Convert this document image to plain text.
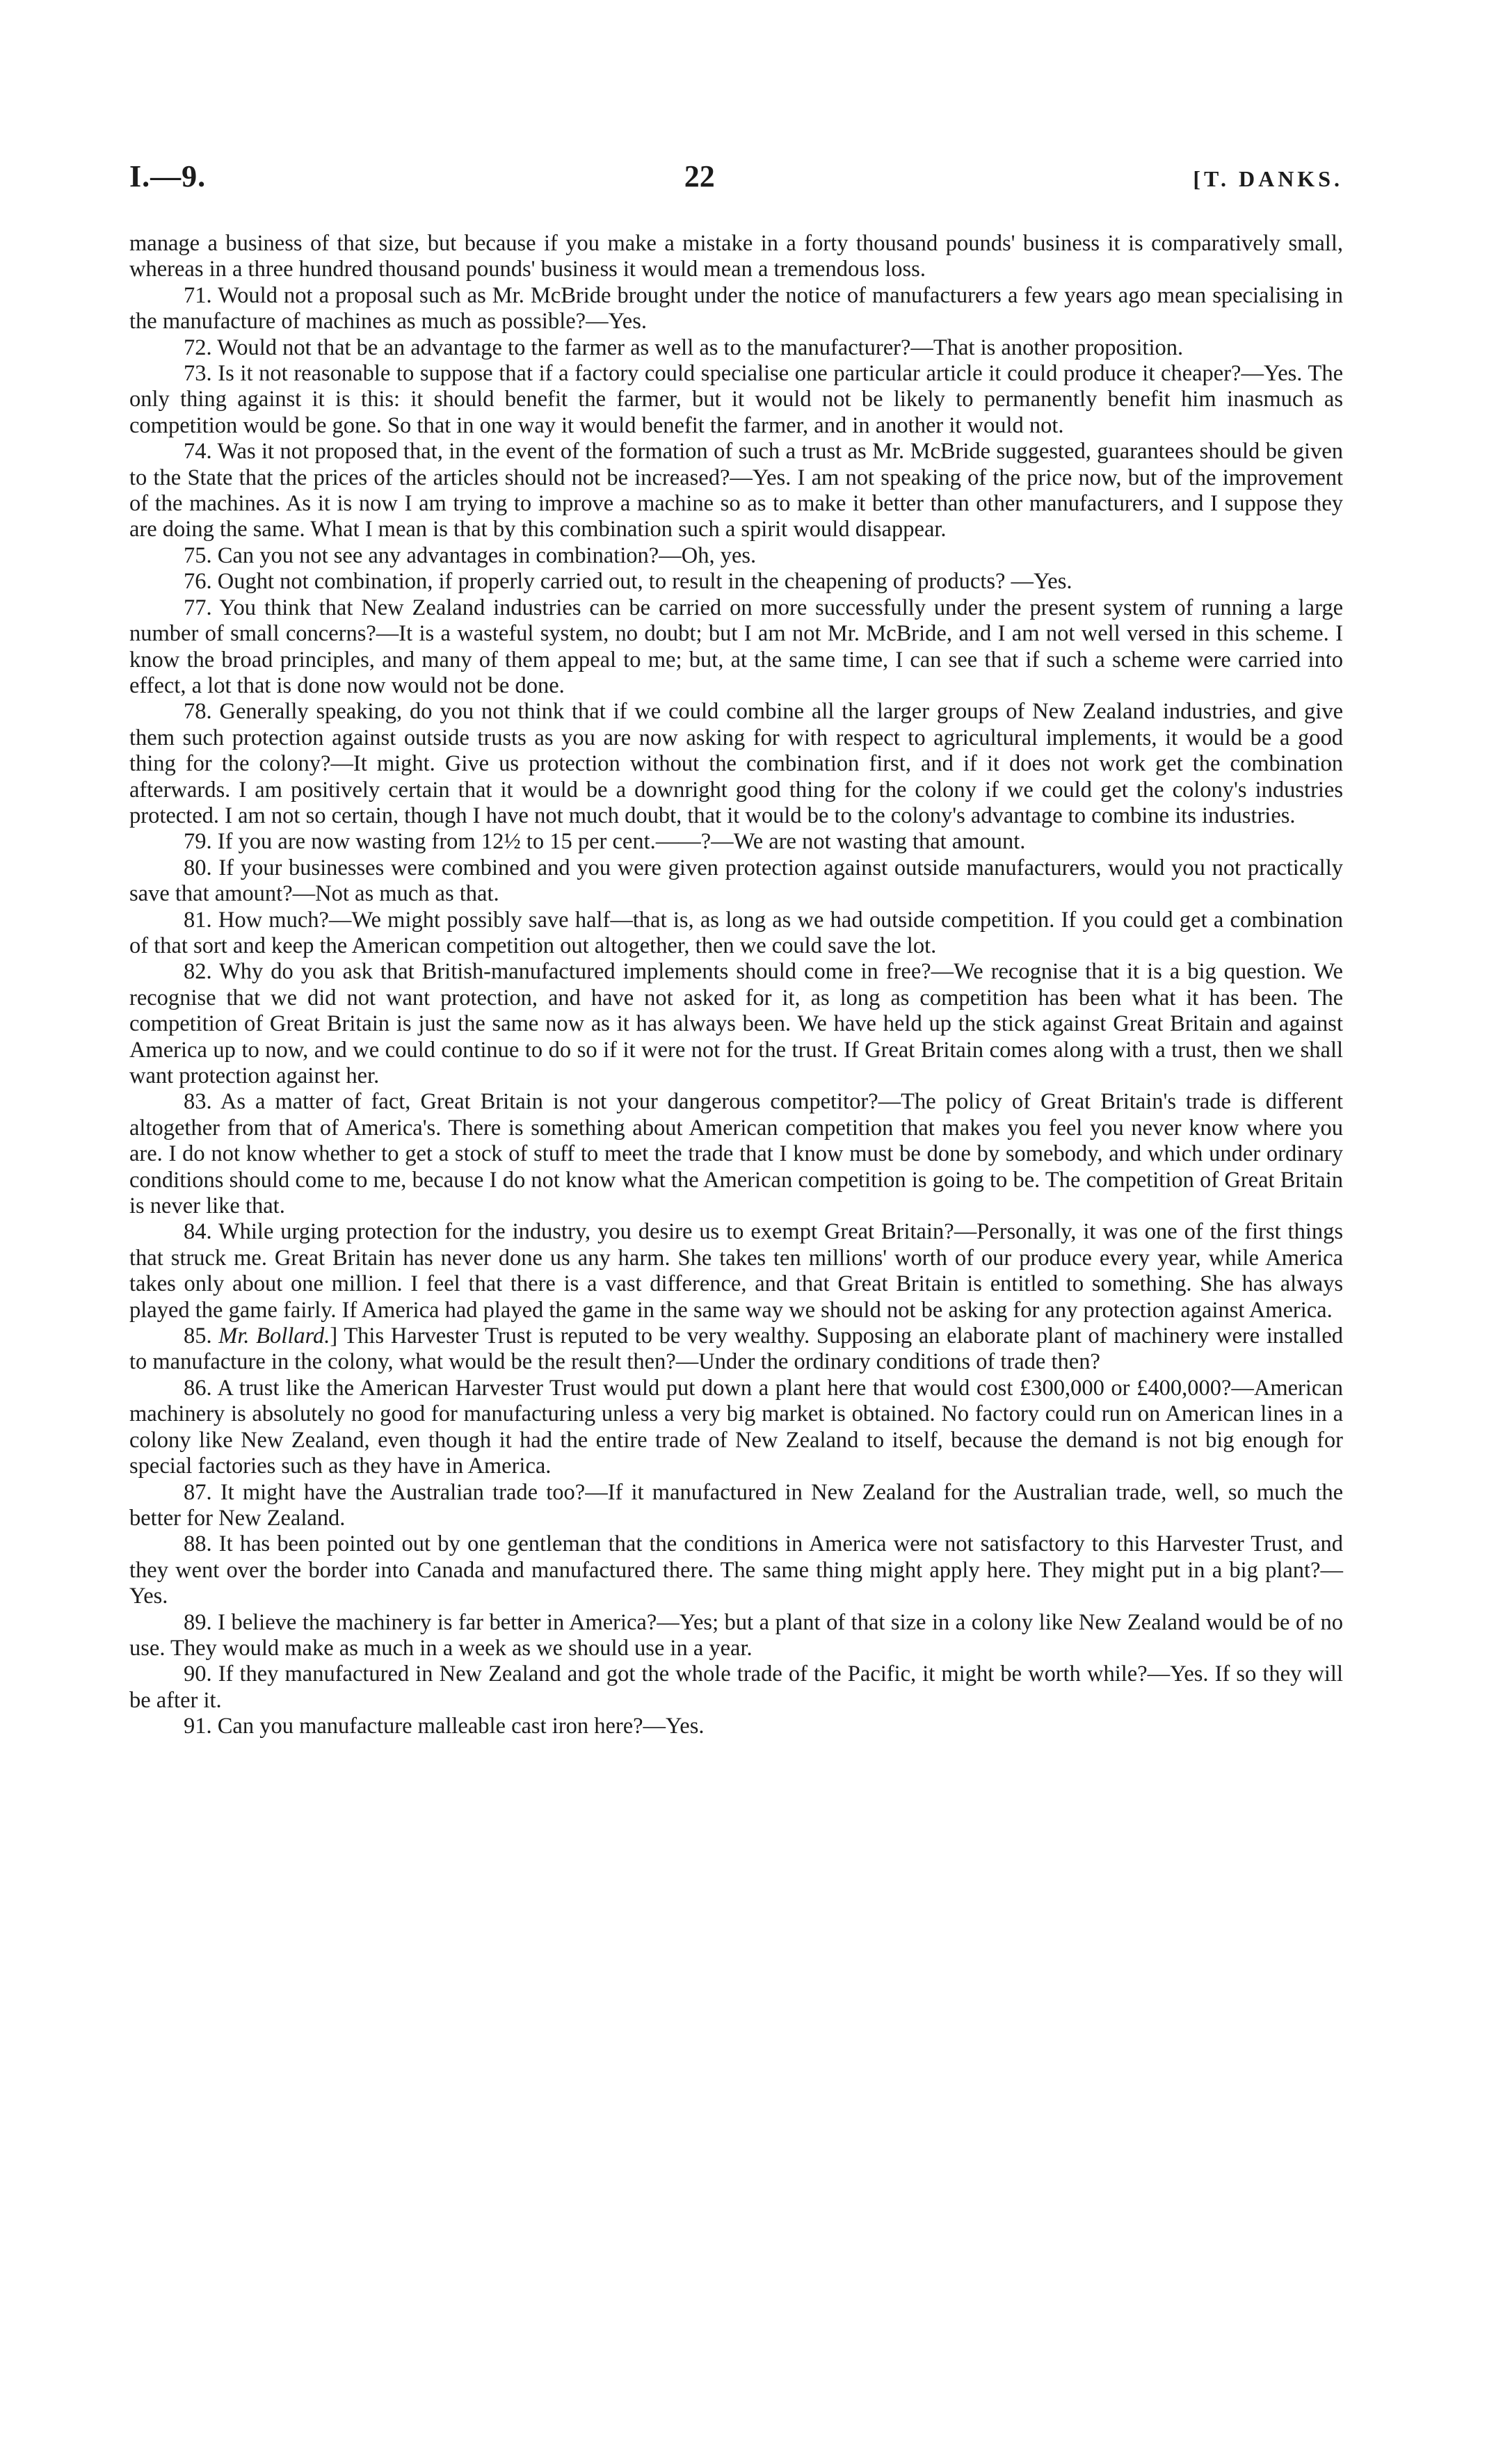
I.—9.	22	[T. DANKS.

manage a business of that size, but because if you make a mistake in a forty thousand pounds' business it is comparatively small, whereas in a three hundred thousand pounds' business it would mean a tremendous loss.

71. Would not a proposal such as Mr. McBride brought under the notice of manufacturers a few years ago mean specialising in the manufacture of machines as much as possible?—Yes.

72. Would not that be an advantage to the farmer as well as to the manufacturer?—That is another proposition.

73. Is it not reasonable to suppose that if a factory could specialise one particular article it could produce it cheaper?—Yes. The only thing against it is this: it should benefit the farmer, but it would not be likely to permanently benefit him inasmuch as competition would be gone. So that in one way it would benefit the farmer, and in another it would not.

74. Was it not proposed that, in the event of the formation of such a trust as Mr. McBride suggested, guarantees should be given to the State that the prices of the articles should not be increased?—Yes. I am not speaking of the price now, but of the improvement of the machines. As it is now I am trying to improve a machine so as to make it better than other manufacturers, and I suppose they are doing the same. What I mean is that by this combination such a spirit would disappear.

75. Can you not see any advantages in combination?—Oh, yes.

76. Ought not combination, if properly carried out, to result in the cheapening of products? —Yes.

77. You think that New Zealand industries can be carried on more successfully under the present system of running a large number of small concerns?—It is a wasteful system, no doubt; but I am not Mr. McBride, and I am not well versed in this scheme. I know the broad principles, and many of them appeal to me; but, at the same time, I can see that if such a scheme were carried into effect, a lot that is done now would not be done.

78. Generally speaking, do you not think that if we could combine all the larger groups of New Zealand industries, and give them such protection against outside trusts as you are now asking for with respect to agricultural implements, it would be a good thing for the colony?—It might. Give us protection without the combination first, and if it does not work get the combination afterwards. I am positively certain that it would be a downright good thing for the colony if we could get the colony's industries protected. I am not so certain, though I have not much doubt, that it would be to the colony's advantage to combine its industries.

79. If you are now wasting from 12½ to 15 per cent.——?—We are not wasting that amount.

80. If your businesses were combined and you were given protection against outside manufacturers, would you not practically save that amount?—Not as much as that.

81. How much?—We might possibly save half—that is, as long as we had outside competition. If you could get a combination of that sort and keep the American competition out altogether, then we could save the lot.

82. Why do you ask that British-manufactured implements should come in free?—We recognise that it is a big question. We recognise that we did not want protection, and have not asked for it, as long as competition has been what it has been. The competition of Great Britain is just the same now as it has always been. We have held up the stick against Great Britain and against America up to now, and we could continue to do so if it were not for the trust. If Great Britain comes along with a trust, then we shall want protection against her.

83. As a matter of fact, Great Britain is not your dangerous competitor?—The policy of Great Britain's trade is different altogether from that of America's. There is something about American competition that makes you feel you never know where you are. I do not know whether to get a stock of stuff to meet the trade that I know must be done by somebody, and which under ordinary conditions should come to me, because I do not know what the American competition is going to be. The competition of Great Britain is never like that.

84. While urging protection for the industry, you desire us to exempt Great Britain?—Personally, it was one of the first things that struck me. Great Britain has never done us any harm. She takes ten millions' worth of our produce every year, while America takes only about one million. I feel that there is a vast difference, and that Great Britain is entitled to something. She has always played the game fairly. If America had played the game in the same way we should not be asking for any protection against America.

85. Mr. Bollard.] This Harvester Trust is reputed to be very wealthy. Supposing an elaborate plant of machinery were installed to manufacture in the colony, what would be the result then?—Under the ordinary conditions of trade then?

86. A trust like the American Harvester Trust would put down a plant here that would cost £300,000 or £400,000?—American machinery is absolutely no good for manufacturing unless a very big market is obtained. No factory could run on American lines in a colony like New Zealand, even though it had the entire trade of New Zealand to itself, because the demand is not big enough for special factories such as they have in America.

87. It might have the Australian trade too?—If it manufactured in New Zealand for the Australian trade, well, so much the better for New Zealand.

88. It has been pointed out by one gentleman that the conditions in America were not satisfactory to this Harvester Trust, and they went over the border into Canada and manufactured there. The same thing might apply here. They might put in a big plant?—Yes.

89. I believe the machinery is far better in America?—Yes; but a plant of that size in a colony like New Zealand would be of no use. They would make as much in a week as we should use in a year.

90. If they manufactured in New Zealand and got the whole trade of the Pacific, it might be worth while?—Yes. If so they will be after it.

91. Can you manufacture malleable cast iron here?—Yes.
